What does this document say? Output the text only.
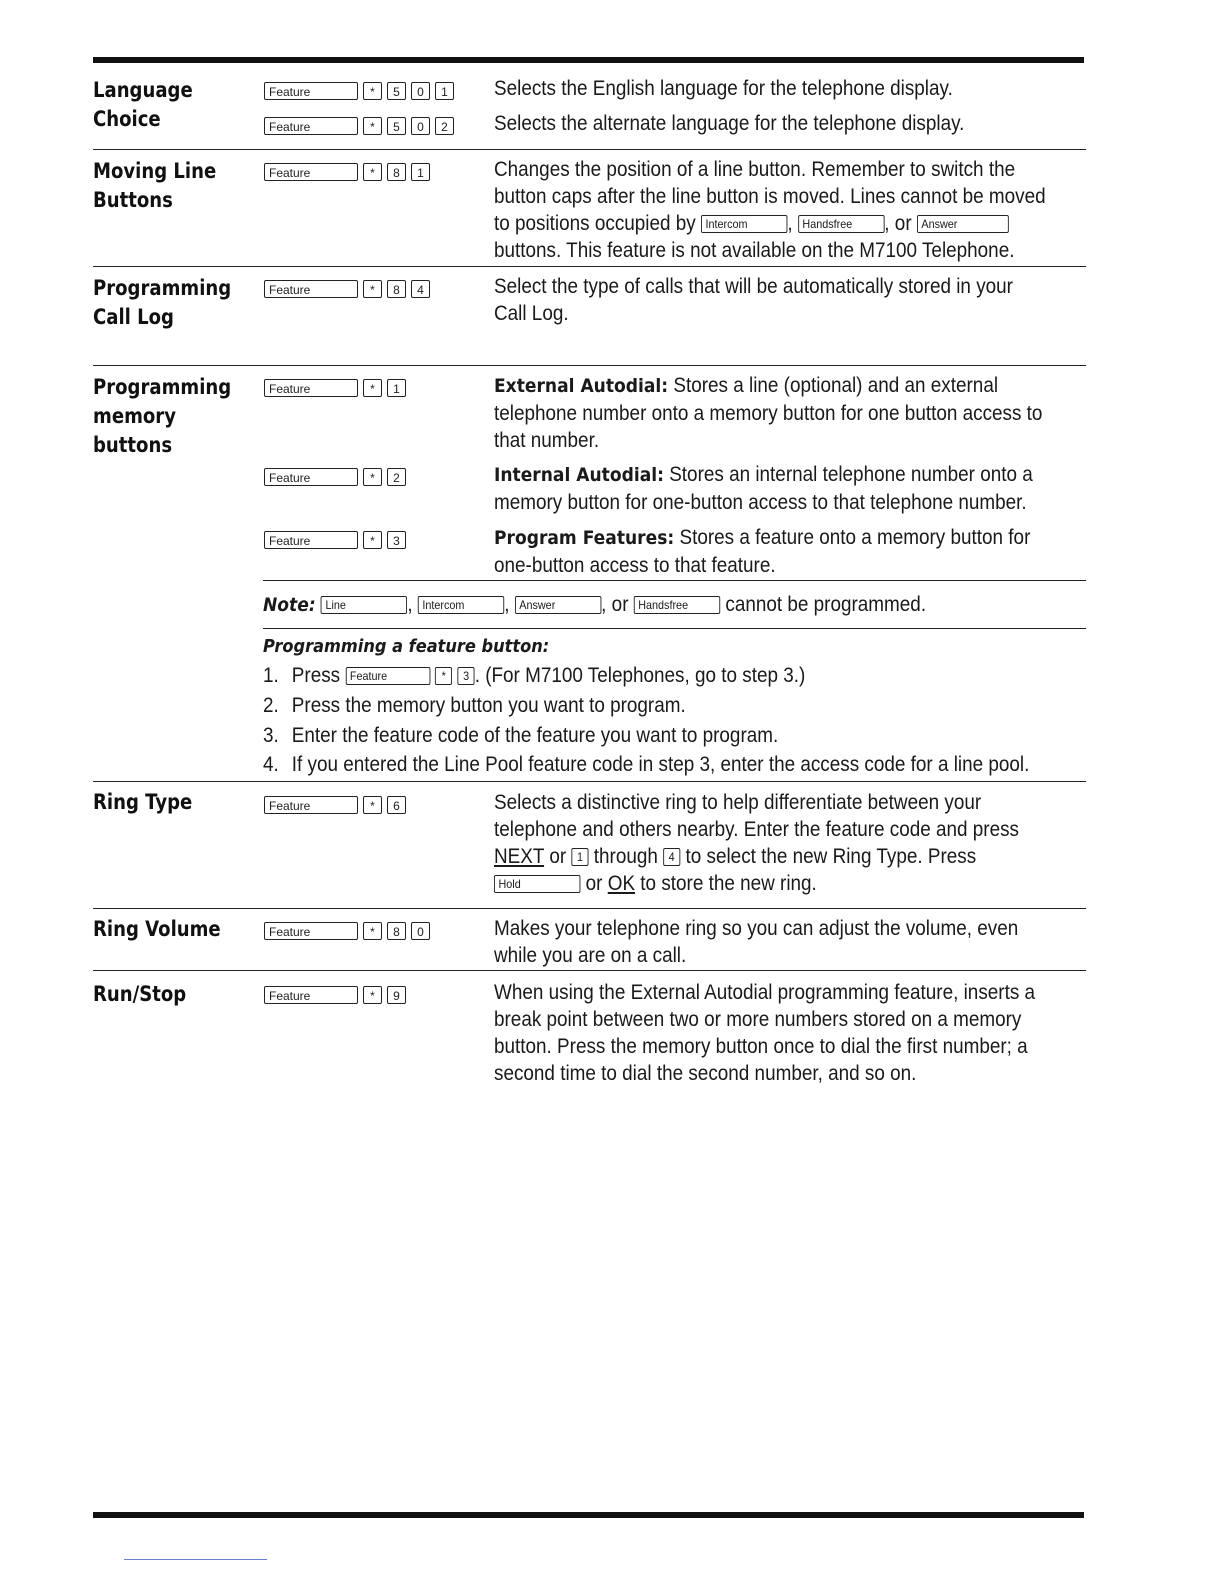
Language Choice
Feature	*	5	0	1 Selects the English language for the telephone display.
Feature	*	5	0	2 Selects the alternate language for the telephone display.
Moving Line Buttons
Feature	*	8	1	Changes the position of a line button. Remember to switch the
button caps after the line button is moved. Lines cannot be moved
to positions occupied by Intercom , Handsfree , or Answer
buttons. This feature is not available on the M7100 Telephone.
Programming Call Log
Feature	*	8	4	Select the type of calls that will be automatically stored in your
Call Log.
Programming memory buttons
Feature	*	1	External Autodial: Stores a line (optional) and an external
telephone number onto a memory button for one button access to
that number.
Feature	*	2	Internal Autodial: Stores an internal telephone number onto a
memory button for one-button access to that telephone number.
Feature	*	3	Program Features: Stores a feature onto a memory button for
one-button access to that feature.
Note: Line	, Intercom , Answer , or Handsfree cannot be programmed.
Programming a feature button:
1. Press Feature	* 3 . (For M7100 Telephones, go to step 3.)
2. Press the memory button you want to program.
3. Enter the feature code of the feature you want to program.
4. If you entered the Line Pool feature code in step 3, enter the access code for a line pool.
Ring Type	Feature	*	6	Selects a distinctive ring to help differentiate between your
telephone and others nearby. Enter the feature code and press
NEXT or 1 through 4 to select the new Ring Type. Press
Hold	or OK to store the new ring.
Ring Volume	Feature	*	8	0	Makes your telephone ring so you can adjust the volume, even
while you are on a call.
Run/Stop	Feature	*	9	When using the External Autodial programming feature, inserts a
break point between two or more numbers stored on a memory
button. Press the memory button once to dial the first number; a
second time to dial the second number, and so on.
